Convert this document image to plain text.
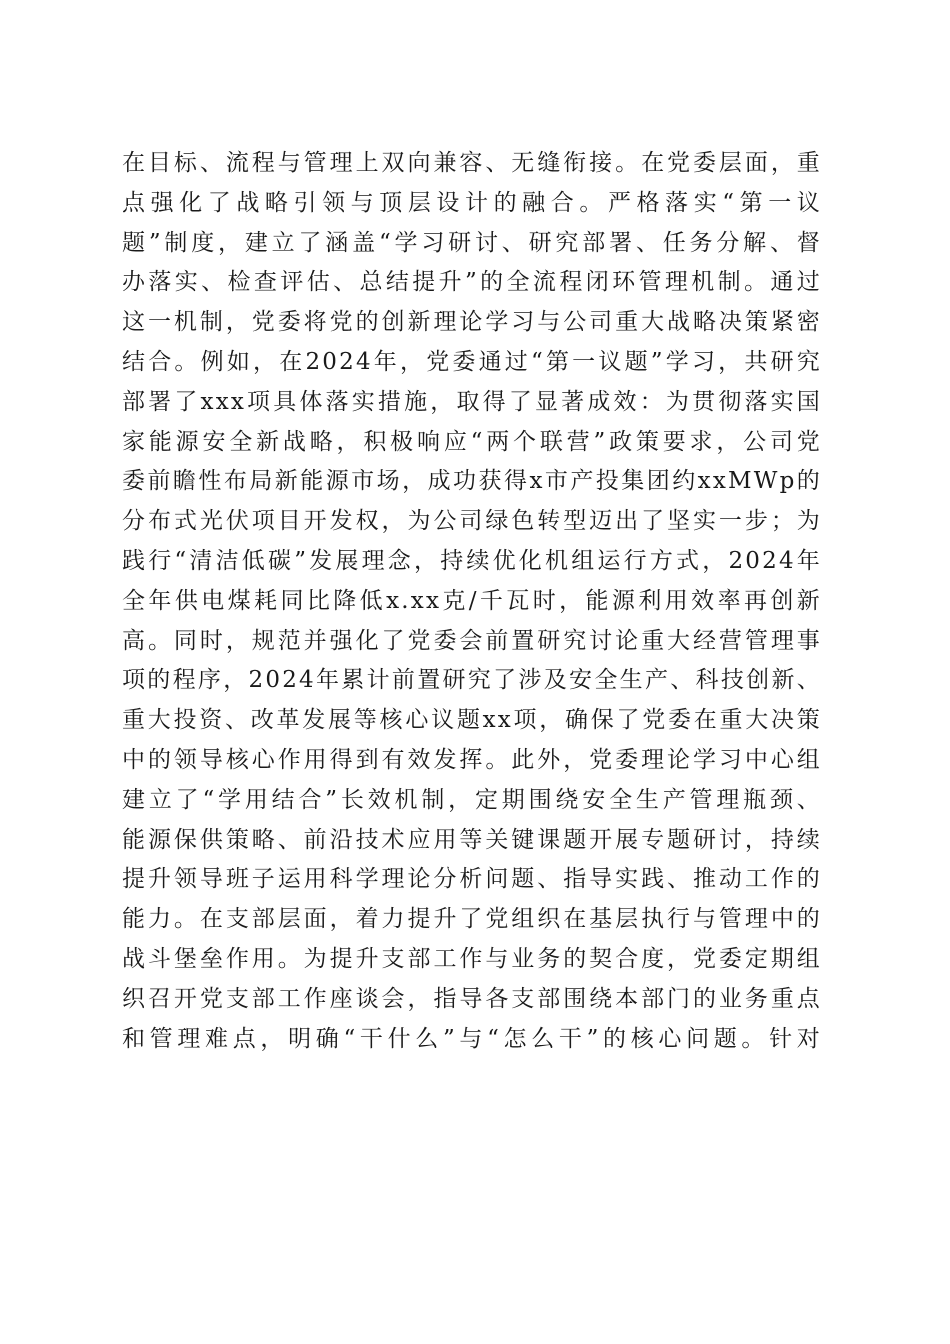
在目标、流程与管理上双向兼容、无缝衔接。在党委层面，重
点强化了战略引领与顶层设计的融合。严格落实“第一议
题”制度，建立了涵盖“学习研讨、研究部署、任务分解、督
办落实、检查评估、总结提升”的全流程闭环管理机制。通过
这一机制，党委将党的创新理论学习与公司重大战略决策紧密
结合。例如，在2024年，党委通过“第一议题”学习，共研究
部署了xxx项具体落实措施，取得了显著成效：为贯彻落实国
家能源安全新战略，积极响应“两个联营”政策要求，公司党
委前瞻性布局新能源市场，成功获得x市产投集团约xxMWp的
分布式光伏项目开发权，为公司绿色转型迈出了坚实一步；为
践行“清洁低碳”发展理念，持续优化机组运行方式，2024年
全年供电煤耗同比降低x.xx克/千瓦时，能源利用效率再创新
高。同时，规范并强化了党委会前置研究讨论重大经营管理事
项的程序，2024年累计前置研究了涉及安全生产、科技创新、
重大投资、改革发展等核心议题xx项，确保了党委在重大决策
中的领导核心作用得到有效发挥。此外，党委理论学习中心组
建立了“学用结合”长效机制，定期围绕安全生产管理瓶颈、
能源保供策略、前沿技术应用等关键课题开展专题研讨，持续
提升领导班子运用科学理论分析问题、指导实践、推动工作的
能力。在支部层面，着力提升了党组织在基层执行与管理中的
战斗堡垒作用。为提升支部工作与业务的契合度，党委定期组
织召开党支部工作座谈会，指导各支部围绕本部门的业务重点
和管理难点，明确“干什么”与“怎么干”的核心问题。针对
